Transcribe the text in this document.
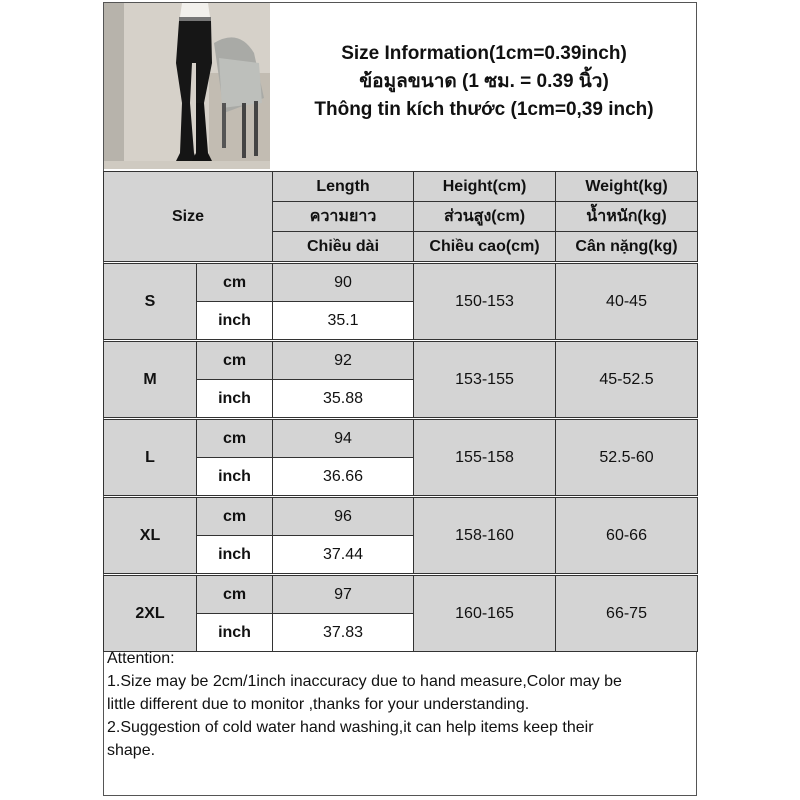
Size Information(1cm=0.39inch)
ข้อมูลขนาด (1 ซม. = 0.39 นิ้ว)
Thông tin kích thước (1cm=0,39 inch)
Size		Length	Height(cm)	Weight(kg)
		ความยาว	ส่วนสูง(cm)	น้ำหนัก(kg)
		Chiều dài	Chiều cao(cm)	Cân nặng(kg)

S	cm	90	150-153	40-45
	inch	35.1		

M	cm	92	153-155	45-52.5
	inch	35.88		

L	cm	94	155-158	52.5-60
	inch	36.66		

XL	cm	96	158-160	60-66
	inch	37.44		

2XL	cm	97	160-165	66-75
	inch	37.83		
Attention:
1.Size may be 2cm/1inch inaccuracy due to hand measure,Color may be
little different due to monitor ,thanks for your understanding.
2.Suggestion of cold water hand washing,it can help items keep their
shape.
